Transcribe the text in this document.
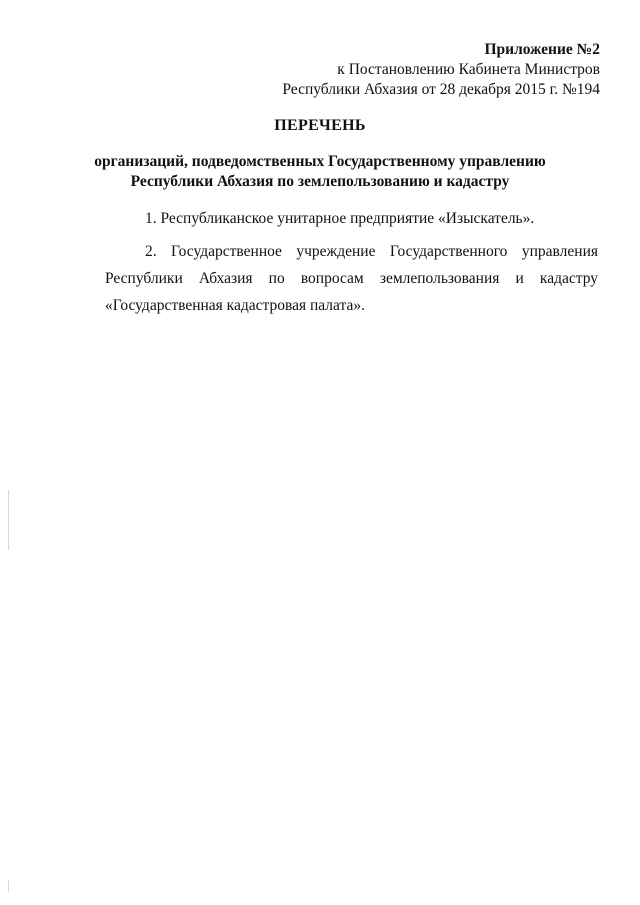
Приложение №2
к Постановлению Кабинета Министров
Республики Абхазия от 28 декабря 2015 г. №194
ПЕРЕЧЕНЬ
организаций, подведомственных Государственному управлению
Республики Абхазия по землепользованию и кадастру
1. Республиканское унитарное предприятие «Изыскатель».
2. Государственное учреждение Государственного управления
Республики Абхазия по вопросам землепользования и кадастру
«Государственная кадастровая палата».
